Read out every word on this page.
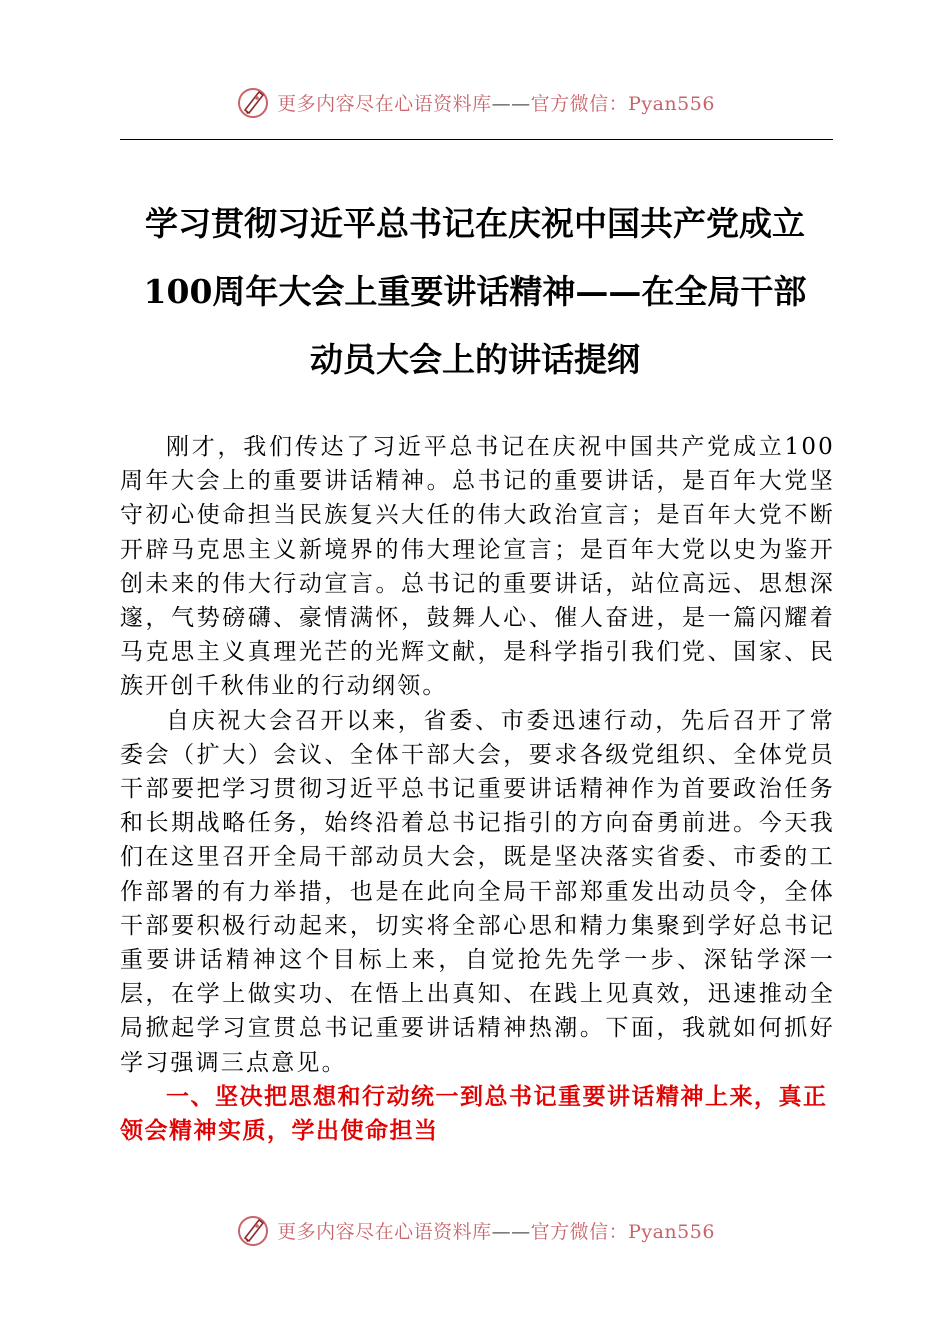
更多内容尽在心语资料库——官方微信：Pyan556
学习贯彻习近平总书记在庆祝中国共产党成立
100周年大会上重要讲话精神——在全局干部
动员大会上的讲话提纲

刚才，我们传达了习近平总书记在庆祝中国共产党成立100周年大会上的重要讲话精神。总书记的重要讲话，是百年大党坚守初心使命担当民族复兴大任的伟大政治宣言；是百年大党不断开辟马克思主义新境界的伟大理论宣言；是百年大党以史为鉴开创未来的伟大行动宣言。总书记的重要讲话，站位高远、思想深邃，气势磅礴、豪情满怀，鼓舞人心、催人奋进，是一篇闪耀着马克思主义真理光芒的光辉文献，是科学指引我们党、国家、民族开创千秋伟业的行动纲领。

自庆祝大会召开以来，省委、市委迅速行动，先后召开了常委会（扩大）会议、全体干部大会，要求各级党组织、全体党员干部要把学习贯彻习近平总书记重要讲话精神作为首要政治任务和长期战略任务，始终沿着总书记指引的方向奋勇前进。今天我们在这里召开全局干部动员大会，既是坚决落实省委、市委的工作部署的有力举措，也是在此向全局干部郑重发出动员令，全体干部要积极行动起来，切实将全部心思和精力集聚到学好总书记重要讲话精神这个目标上来，自觉抢先先学一步、深钻学深一层，在学上做实功、在悟上出真知、在践上见真效，迅速推动全局掀起学习宣贯总书记重要讲话精神热潮。下面，我就如何抓好学习强调三点意见。

一、坚决把思想和行动统一到总书记重要讲话精神上来，真正领会精神实质，学出使命担当

更多内容尽在心语资料库——官方微信：Pyan556
